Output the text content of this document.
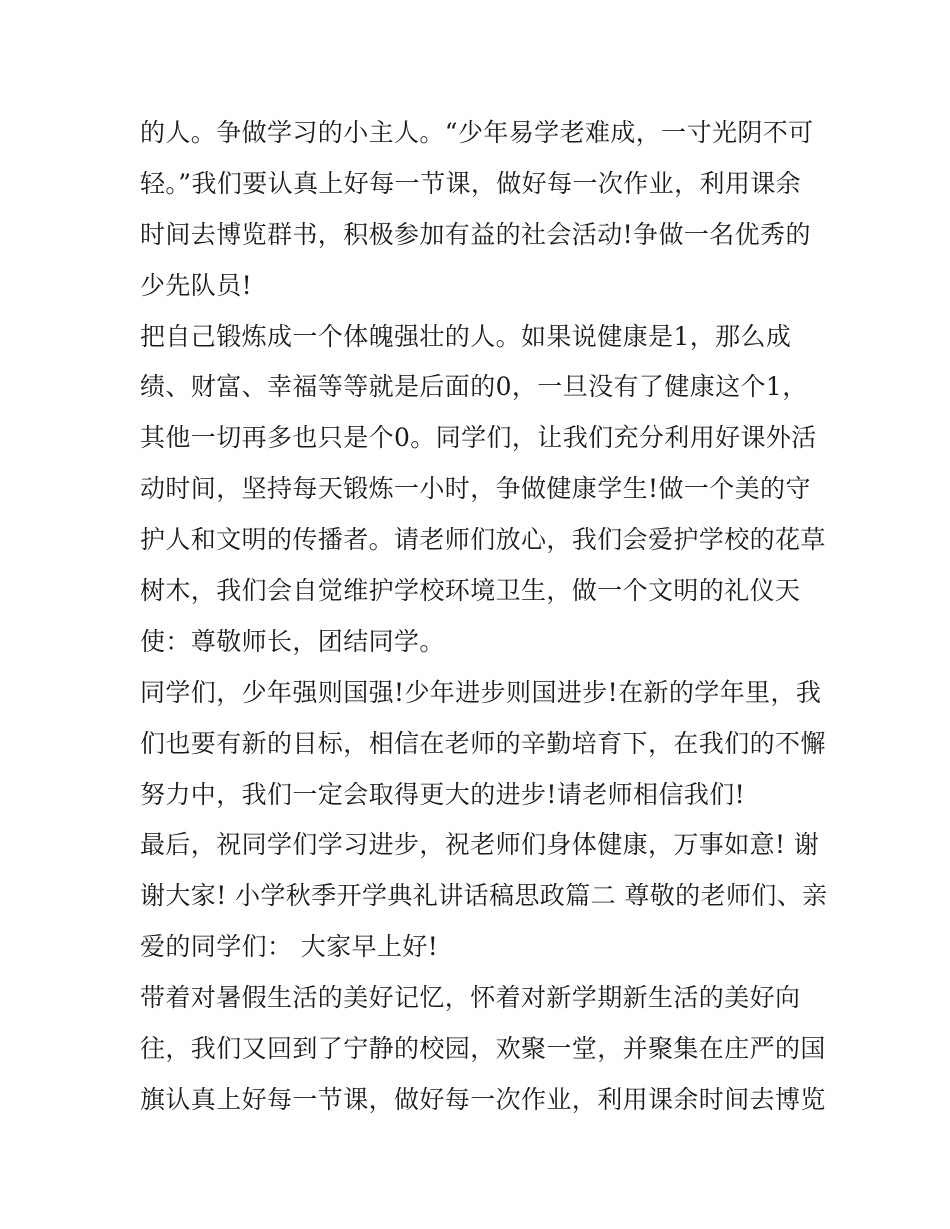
的人。争做学习的小主人。“少年易学老难成，一寸光阴不可
轻。”我们要认真上好每一节课，做好每一次作业，利用课余
时间去博览群书，积极参加有益的社会活动!争做一名优秀的
少先队员!
把自己锻炼成一个体魄强壮的人。如果说健康是1，那么成
绩、财富、幸福等等就是后面的0，一旦没有了健康这个1，
其他一切再多也只是个0。同学们，让我们充分利用好课外活
动时间，坚持每天锻炼一小时，争做健康学生!做一个美的守
护人和文明的传播者。请老师们放心，我们会爱护学校的花草
树木，我们会自觉维护学校环境卫生，做一个文明的礼仪天
使：尊敬师长，团结同学。
同学们，少年强则国强!少年进步则国进步!在新的学年里，我
们也要有新的目标，相信在老师的辛勤培育下，在我们的不懈
努力中，我们一定会取得更大的进步!请老师相信我们!
最后，祝同学们学习进步，祝老师们身体健康，万事如意! 谢
谢大家! 小学秋季开学典礼讲话稿思政篇二 尊敬的老师们、亲
爱的同学们： 大家早上好!
带着对暑假生活的美好记忆，怀着对新学期新生活的美好向
往，我们又回到了宁静的校园，欢聚一堂，并聚集在庄严的国
旗认真上好每一节课，做好每一次作业，利用课余时间去博览
